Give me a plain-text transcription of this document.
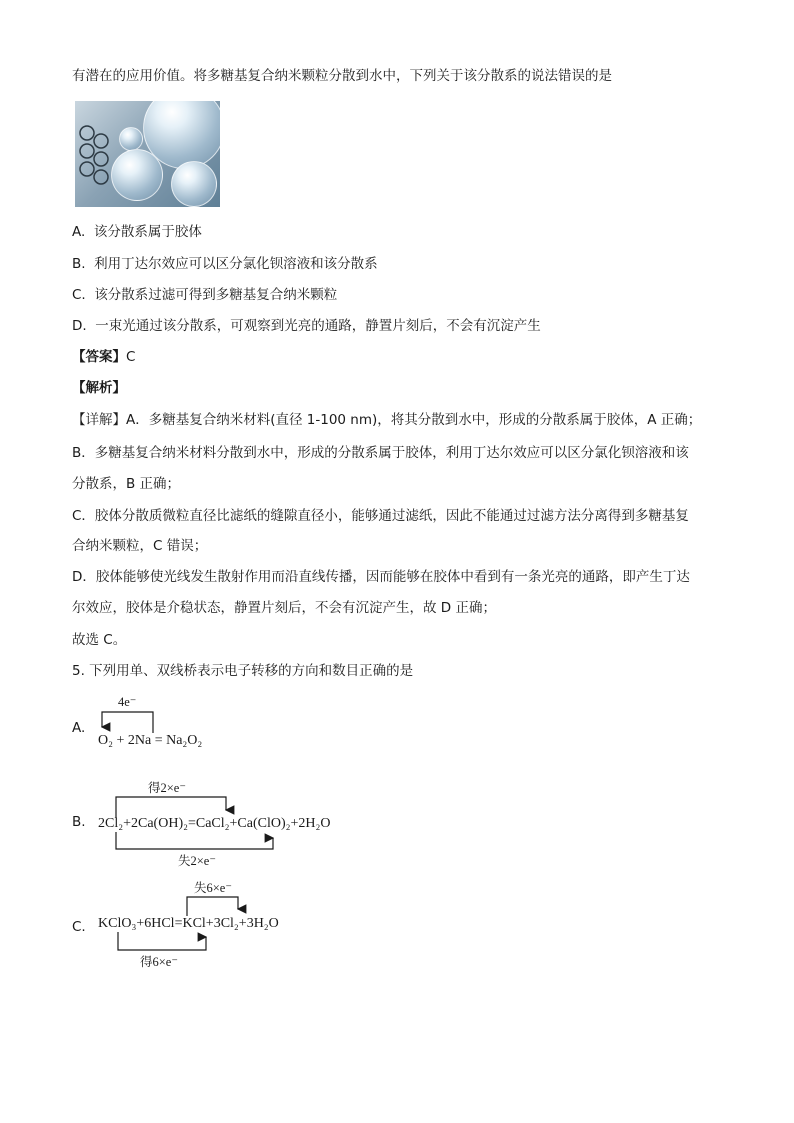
有潜在的应用价值。将多糖基复合纳米颗粒分散到水中，下列关于该分散系的说法错误的是
A. 该分散系属于胶体
B. 利用丁达尔效应可以区分氯化钡溶液和该分散系
C. 该分散系过滤可得到多糖基复合纳米颗粒
D. 一束光通过该分散系，可观察到光亮的通路，静置片刻后，不会有沉淀产生
【答案】C
【解析】
【详解】A．多糖基复合纳米材料(直径 1-100 nm)，将其分散到水中，形成的分散系属于胶体，A 正确；
B．多糖基复合纳米材料分散到水中，形成的分散系属于胶体，利用丁达尔效应可以区分氯化钡溶液和该
分散系，B 正确；
C．胶体分散质微粒直径比滤纸的缝隙直径小，能够通过滤纸，因此不能通过过滤方法分离得到多糖基复
合纳米颗粒，C 错误；
D．胶体能够使光线发生散射作用而沿直线传播，因而能够在胶体中看到有一条光亮的通路，即产生丁达
尔效应，胶体是介稳状态，静置片刻后，不会有沉淀产生，故 D 正确；
故选 C。
5. 下列用单、双线桥表示电子转移的方向和数目正确的是
A.
4e⁻
O₂ + 2Na = Na₂O₂
B.
得2×e⁻
2Cl₂+2Ca(OH)₂=CaCl₂+Ca(ClO)₂+2H₂O
失2×e⁻
C.
失6×e⁻
KClO₃+6HCl=KCl+3Cl₂+3H₂O
得6×e⁻
